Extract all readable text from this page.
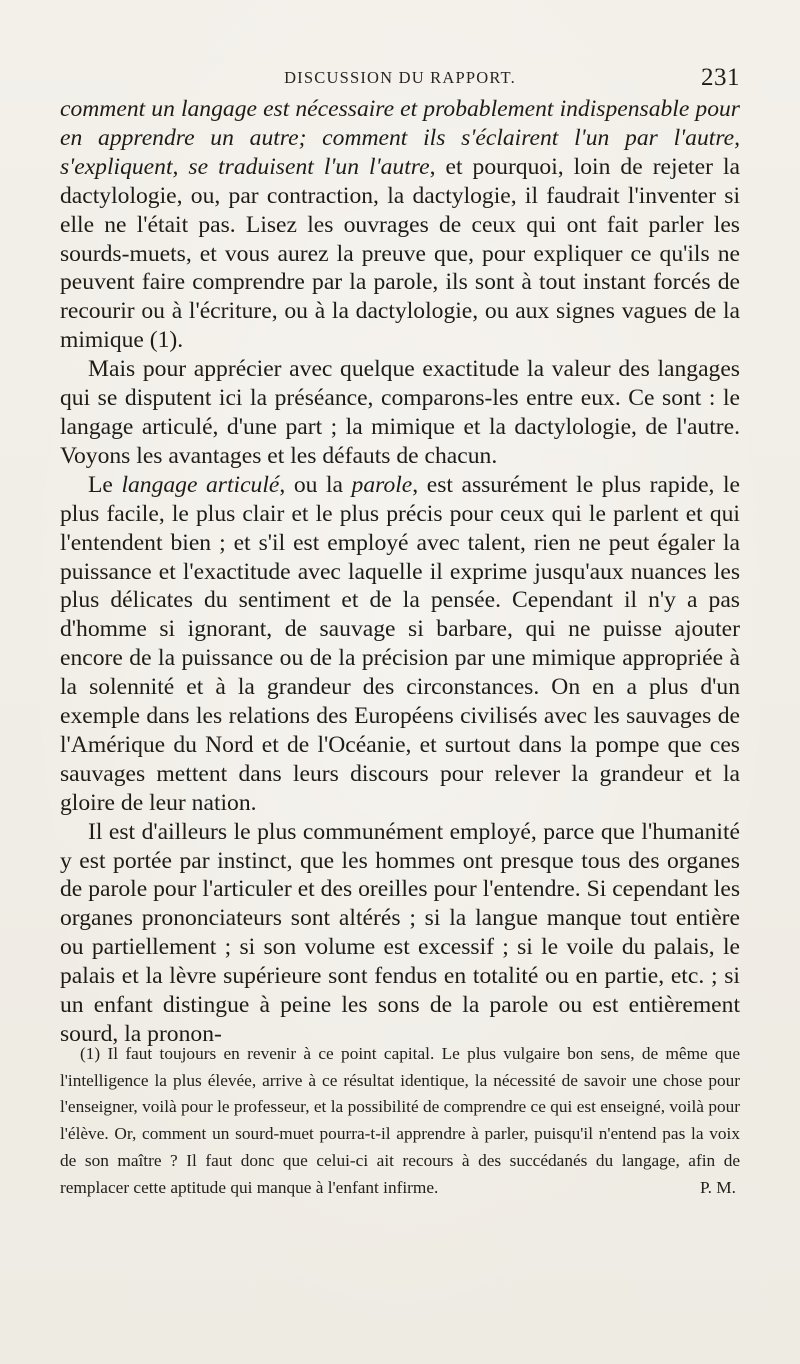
DISCUSSION DU RAPPORT.	231

comment un langage est nécessaire et probablement indispensable pour en apprendre un autre; comment ils s'éclairent l'un par l'autre, s'expliquent, se traduisent l'un l'autre, et pourquoi, loin de rejeter la dactylologie, ou, par contraction, la dactylogie, il faudrait l'inventer si elle ne l'était pas. Lisez les ouvrages de ceux qui ont fait parler les sourds-muets, et vous aurez la preuve que, pour expliquer ce qu'ils ne peuvent faire comprendre par la parole, ils sont à tout instant forcés de recourir ou à l'écriture, ou à la dactylologie, ou aux signes vagues de la mimique (1).

Mais pour apprécier avec quelque exactitude la valeur des langages qui se disputent ici la préséance, comparons-les entre eux. Ce sont : le langage articulé, d'une part ; la mimique et la dactylologie, de l'autre. Voyons les avantages et les défauts de chacun.

Le langage articulé, ou la parole, est assurément le plus rapide, le plus facile, le plus clair et le plus précis pour ceux qui le parlent et qui l'entendent bien ; et s'il est employé avec talent, rien ne peut égaler la puissance et l'exactitude avec laquelle il exprime jusqu'aux nuances les plus délicates du sentiment et de la pensée. Cependant il n'y a pas d'homme si ignorant, de sauvage si barbare, qui ne puisse ajouter encore de la puissance ou de la précision par une mimique appropriée à la solennité et à la grandeur des circonstances. On en a plus d'un exemple dans les relations des Européens civilisés avec les sauvages de l'Amérique du Nord et de l'Océanie, et surtout dans la pompe que ces sauvages mettent dans leurs discours pour relever la grandeur et la gloire de leur nation.

Il est d'ailleurs le plus communément employé, parce que l'humanité y est portée par instinct, que les hommes ont presque tous des organes de parole pour l'articuler et des oreilles pour l'entendre. Si cependant les organes prononciateurs sont altérés ; si la langue manque tout entière ou partiellement ; si son volume est excessif ; si le voile du palais, le palais et la lèvre supérieure sont fendus en totalité ou en partie, etc. ; si un enfant distingue à peine les sons de la parole ou est entièrement sourd, la pronon-

(1) Il faut toujours en revenir à ce point capital. Le plus vulgaire bon sens, de même que l'intelligence la plus élevée, arrive à ce résultat identique, la nécessité de savoir une chose pour l'enseigner, voilà pour le professeur, et la possibilité de comprendre ce qui est enseigné, voilà pour l'élève. Or, comment un sourd-muet pourra-t-il apprendre à parler, puisqu'il n'entend pas la voix de son maître ? Il faut donc que celui-ci ait recours à des succédanés du langage, afin de remplacer cette aptitude qui manque à l'enfant infirme.	P. M.
